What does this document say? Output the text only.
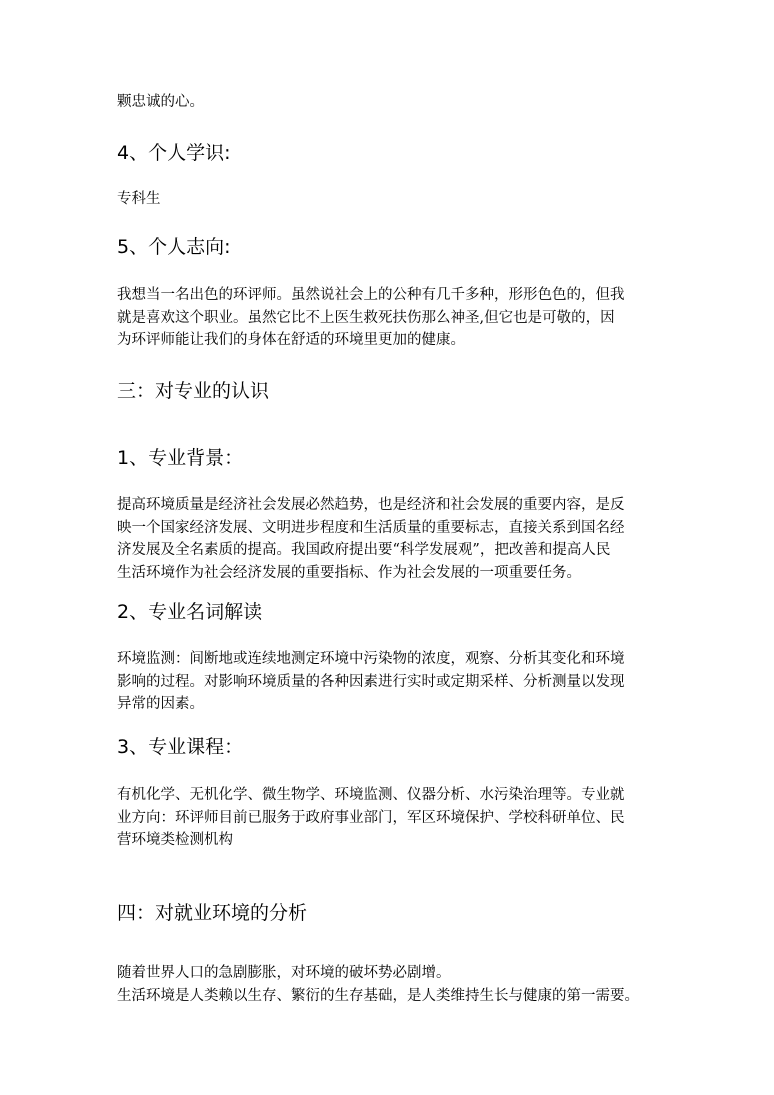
颗忠诚的心。

4、个人学识:

专科生

5、个人志向:

我想当一名出色的环评师。虽然说社会上的公种有几千多种，形形色色的，但我
就是喜欢这个职业。虽然它比不上医生救死扶伤那么神圣,但它也是可敬的，因
为环评师能让我们的身体在舒适的环境里更加的健康。

三：对专业的认识
1、专业背景：

提高环境质量是经济社会发展必然趋势，也是经济和社会发展的重要内容，是反
映一个国家经济发展、文明进步程度和生活质量的重要标志，直接关系到国名经
济发展及全名素质的提高。我国政府提出要“科学发展观”，把改善和提高人民
生活环境作为社会经济发展的重要指标、作为社会发展的一项重要任务。

2、专业名词解读

环境监测：间断地或连续地测定环境中污染物的浓度，观察、分析其变化和环境
影响的过程。对影响环境质量的各种因素进行实时或定期采样、分析测量以发现
异常的因素。

3、专业课程：

有机化学、无机化学、微生物学、环境监测、仪器分析、水污染治理等。专业就
业方向：环评师目前已服务于政府事业部门，军区环境保护、学校科研单位、民
营环境类检测机构

四：对就业环境的分析

随着世界人口的急剧膨胀，对环境的破坏势必剧增。
生活环境是人类赖以生存、繁衍的生存基础，是人类维持生长与健康的第一需要。
